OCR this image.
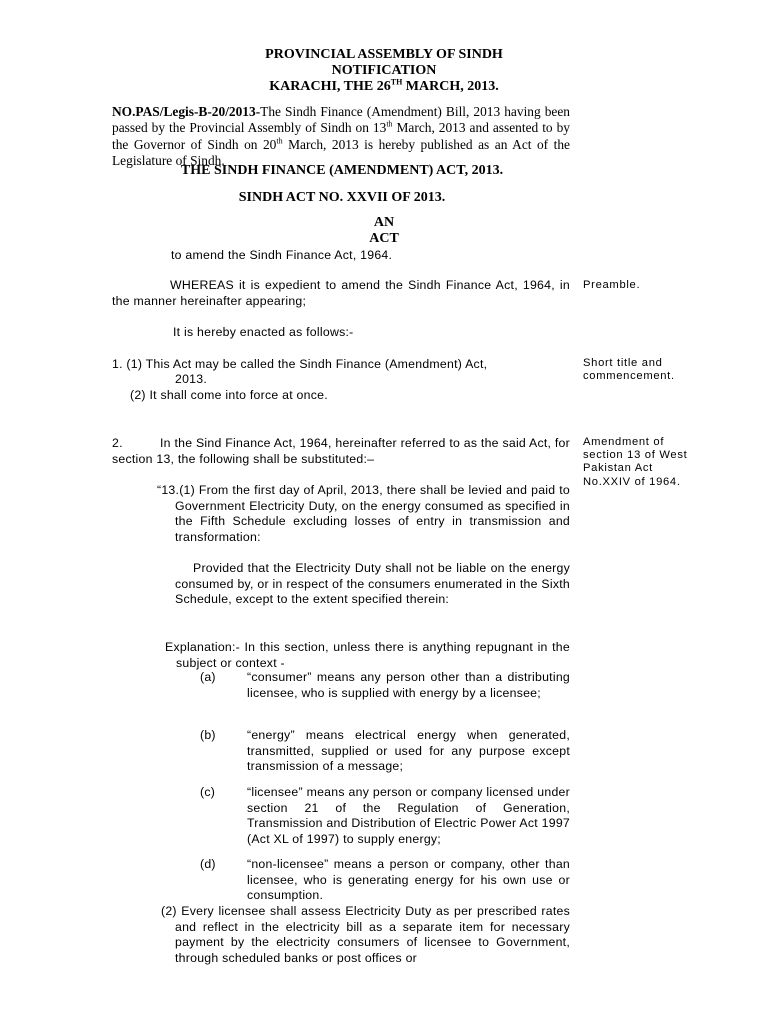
PROVINCIAL ASSEMBLY OF SINDH
NOTIFICATION
KARACHI, THE 26TH MARCH, 2013.
NO.PAS/Legis-B-20/2013-The Sindh Finance (Amendment) Bill, 2013 having been passed by the Provincial Assembly of Sindh on 13th March, 2013 and assented to by the Governor of Sindh on 20th March, 2013 is hereby published as an Act of the Legislature of Sindh.
THE SINDH FINANCE (AMENDMENT) ACT, 2013.
SINDH ACT NO. XXVII OF 2013.
AN
ACT
to amend the Sindh Finance Act, 1964.
WHEREAS it is expedient to amend the Sindh Finance Act, 1964, in the manner hereinafter appearing;
Preamble.
It is hereby enacted as follows:-
1. (1) This Act may be called the Sindh Finance (Amendment) Act,
2013.
(2) It shall come into force at once.
Short title and commencement.
2.	In the Sind Finance Act, 1964, hereinafter referred to as the said Act, for section 13, the following shall be substituted:–
Amendment of section 13 of West Pakistan Act No.XXIV of 1964.
“13.(1) From the first day of April, 2013, there shall be levied and paid to Government Electricity Duty, on the energy consumed as specified in the Fifth Schedule excluding losses of entry in transmission and transformation:
Provided that the Electricity Duty shall not be liable on the energy consumed by, or in respect of the consumers enumerated in the Sixth Schedule, except to the extent specified therein:
Explanation:- In this section, unless there is anything repugnant in the subject or context -
(a)	“consumer” means any person other than a distributing licensee, who is supplied with energy by a licensee;
(b)	“energy” means electrical energy when generated, transmitted, supplied or used for any purpose except transmission of a message;
(c)	“licensee” means any person or company licensed under section 21 of the Regulation of Generation, Transmission and Distribution of Electric Power Act 1997 (Act XL of 1997) to supply energy;
(d)	“non-licensee” means a person or company, other than licensee, who is generating energy for his own use or consumption.
(2) Every licensee shall assess Electricity Duty as per prescribed rates and reflect in the electricity bill as a separate item for necessary payment by the electricity consumers of licensee to Government, through scheduled banks or post offices or
